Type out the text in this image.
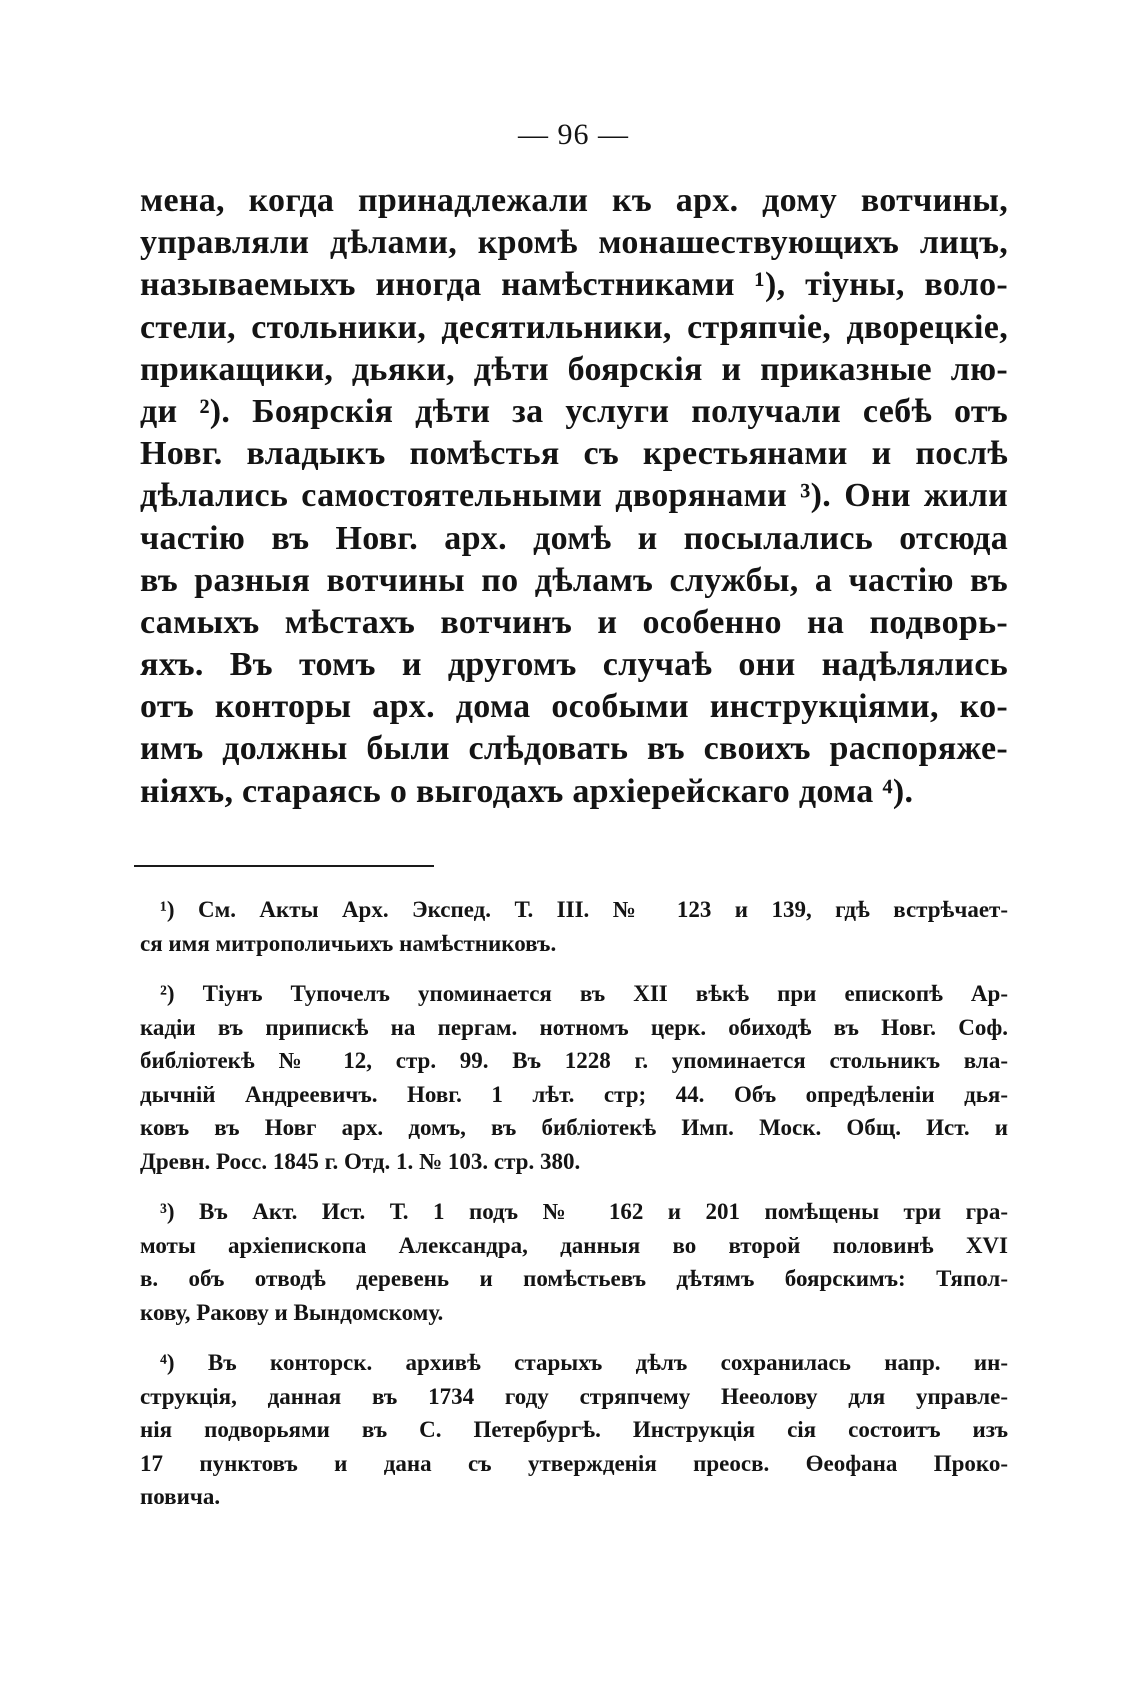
— 96 —
мена, когда принадлежали къ арх. дому вотчины,
управляли дѣлами, кромѣ монашествующихъ лицъ,
называемыхъ иногда намѣстниками ¹), тіуны, воло-
стели, стольники, десятильники, стряпчіе, дворецкіе,
прикащики, дьяки, дѣти боярскія и приказные лю-
ди ²). Боярскія дѣти за услуги получали себѣ отъ
Новг. владыкъ помѣстья съ крестьянами и послѣ
дѣлались самостоятельными дворянами ³). Они жили
частію въ Новг. арх. домѣ и посылались отсюда
въ разныя вотчины по дѣламъ службы, а частію въ
самыхъ мѣстахъ вотчинъ и особенно на подворь-
яхъ. Въ томъ и другомъ случаѣ они надѣлялись
отъ конторы арх. дома особыми инструкціями, ко-
имъ должны были слѣдовать въ своихъ распоряже-
ніяхъ, стараясь о выгодахъ архіерейскаго дома ⁴).
¹) См. Акты Арх. Экспед. Т. III. № 123 и 139, гдѣ встрѣчает-
ся имя митрополичьихъ намѣстниковъ.
²) Тіунъ Тупочелъ упоминается въ XII вѣкѣ при епископѣ Ар-
кадіи въ припискѣ на пергам. нотномъ церк. обиходѣ въ Новг. Соф.
библіотекѣ № 12, стр. 99. Въ 1228 г. упоминается стольникъ вла-
дычній Андреевичъ. Новг. 1 лѣт. стр; 44. Объ опредѣленіи дья-
ковъ въ Новг арх. домъ, въ библіотекѣ Имп. Моск. Общ. Ист. и
Древн. Росс. 1845 г. Отд. 1. № 103. стр. 380.
³) Въ Акт. Ист. Т. 1 подъ № 162 и 201 помѣщены три гра-
моты архіепископа Александра, данныя во второй половинѣ XVI
в. объ отводѣ деревень и помѣстьевъ дѣтямъ боярскимъ: Тяпол-
кову, Ракову и Вындомскому.
⁴) Въ конторск. архивѣ старыхъ дѣлъ сохранилась напр. ин-
струкція, данная въ 1734 году стряпчему Нееолову для управле-
нія подворьями въ С. Петербургѣ. Инструкція сія состоитъ изъ
17 пунктовъ и дана съ утвержденія преосв. Өеофана Проко-
повича.
